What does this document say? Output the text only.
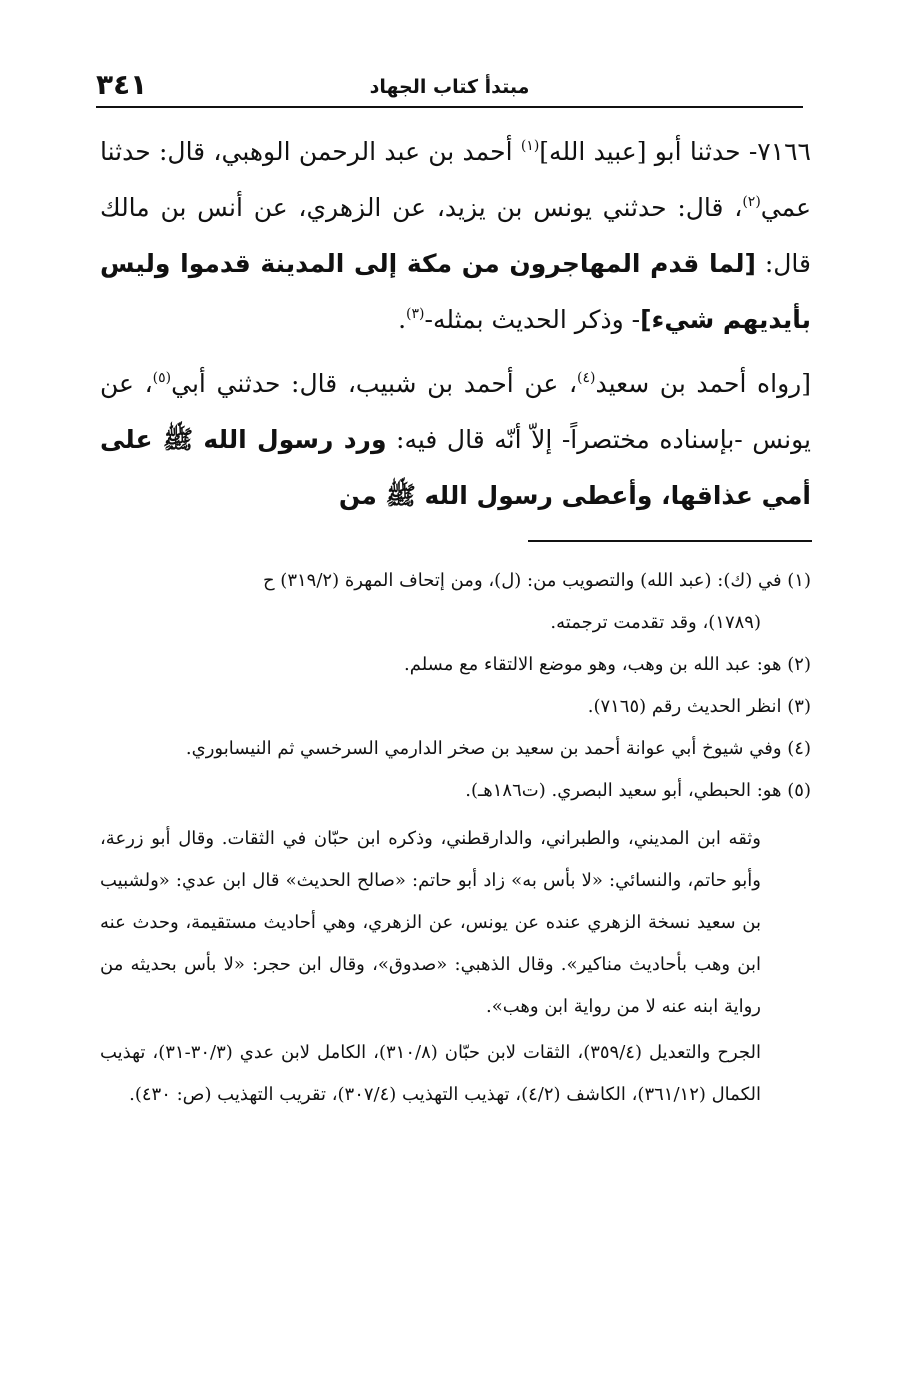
مبتدأ كتاب الجهاد
٣٤١

٧١٦٦- حدثنا أبو [عبيد الله]$^{(١)}$ أحمد بن عبد الرحمن الوهبي، قال: حدثنا عمي$^{(٢)}$، قال: حدثني يونس بن يزيد، عن الزهري، عن أنس بن مالك قال: [لما قدم المهاجرون من مكة إلى المدينة قدموا وليس بأيديهم شيء]- وذكر الحديث بمثله-$^{(٣)}$.

[رواه أحمد بن سعيد$^{(٤)}$، عن أحمد بن شبيب، قال: حدثني أبي$^{(٥)}$، عن يونس -بإسناده مختصراً- إلاّ أنّه قال فيه: ورد رسول الله ﷺ على أمي عذاقها، وأعطى رسول الله ﷺ من

(١) في (ك): (عبد الله) والتصويب من: (ل)، ومن إتحاف المهرة (٣١٩/٢) ح

(١٧٨٩)، وقد تقدمت ترجمته.

(٢) هو: عبد الله بن وهب، وهو موضع الالتقاء مع مسلم.

(٣) انظر الحديث رقم (٧١٦٥).

(٤) وفي شيوخ أبي عوانة أحمد بن سعيد بن صخر الدارمي السرخسي ثم النيسابوري.

(٥) هو: الحبطي، أبو سعيد البصري. (ت١٨٦هـ).

وثقه ابن المديني، والطبراني، والدارقطني، وذكره ابن حبّان في الثقات. وقال أبو زرعة، وأبو حاتم، والنسائي: «لا بأس به» زاد أبو حاتم: «صالح الحديث» قال ابن عدي: «ولشبيب بن سعيد نسخة الزهري عنده عن يونس، عن الزهري، وهي أحاديث مستقيمة، وحدث عنه ابن وهب بأحاديث مناكير». وقال الذهبي: «صدوق»، وقال ابن حجر: «لا بأس بحديثه من رواية ابنه عنه لا من رواية ابن وهب».

الجرح والتعديل (٣٥٩/٤)، الثقات لابن حبّان (٣١٠/٨)، الكامل لابن عدي (٣٠/٣-٣١)، تهذيب الكمال (٣٦١/١٢)، الكاشف (٤/٢)، تهذيب التهذيب (٣٠٧/٤)، تقريب التهذيب (ص: ٤٣٠).
